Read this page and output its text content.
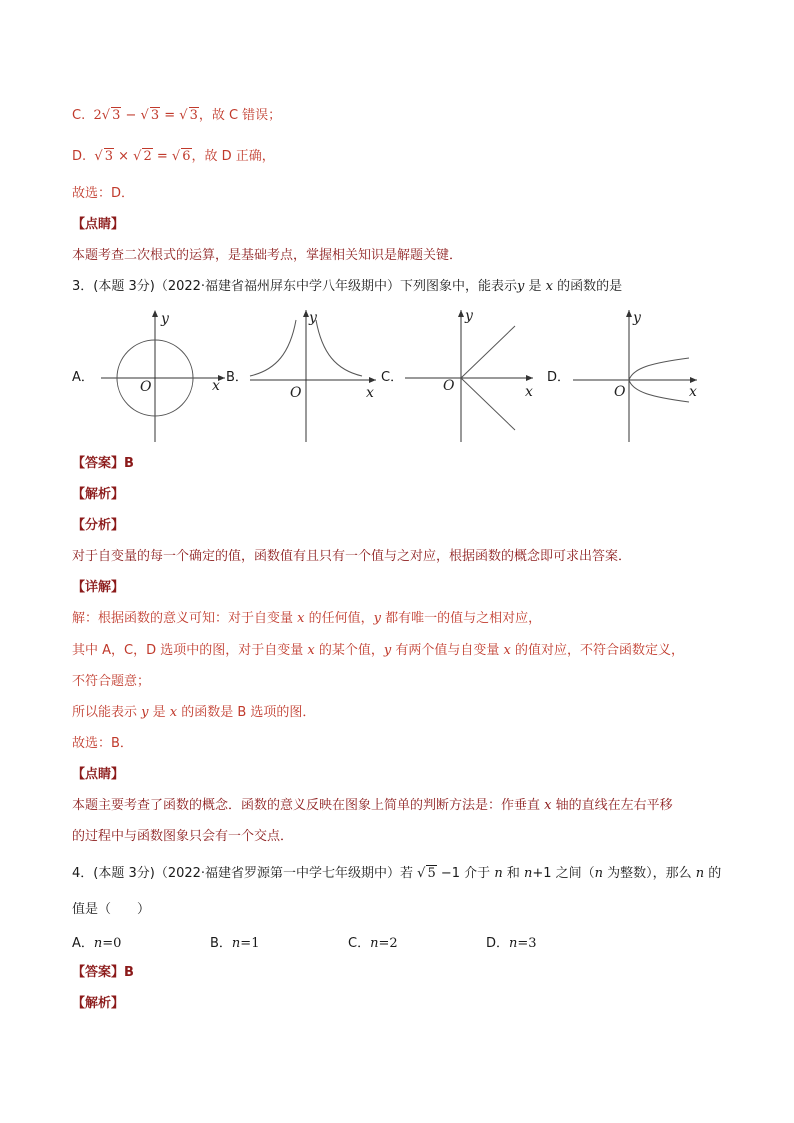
C. 2√ 3 − √ 3 = √ 3，故 C 错误；
D. √ 3 × √ 2 = √ 6，故 D 正确，
故选：D．
【点睛】
本题考查二次根式的运算，是基础考点，掌握相关知识是解题关键．
3．(本题 3分)（2022·福建省福州屏东中学八年级期中）下列图象中，能表示y 是 x 的函数的是
A．	B．	C．	D．
y
x
O
y
x
O
y
x
O
y
x
O
【答案】B
【解析】
【分析】
对于自变量的每一个确定的值，函数值有且只有一个值与之对应，根据函数的概念即可求出答案．
【详解】
解：根据函数的意义可知：对于自变量 x 的任何值，y 都有唯一的值与之相对应，
其中 A，C，D 选项中的图，对于自变量 x 的某个值，y 有两个值与自变量 x 的值对应，不符合函数定义，
不符合题意；
所以能表示 y 是 x 的函数是 B 选项的图．
故选：B．
【点睛】
本题主要考查了函数的概念．函数的意义反映在图象上简单的判断方法是：作垂直 x 轴的直线在左右平移
的过程中与函数图象只会有一个交点．
4．(本题 3分)（2022·福建省罗源第一中学七年级期中）若 √ 5 −1 介于 n 和 n+1 之间（n 为整数），那么 n 的
值是（　　）
A．n=0	B．n=1	C．n=2	D．n=3
【答案】B
【解析】
